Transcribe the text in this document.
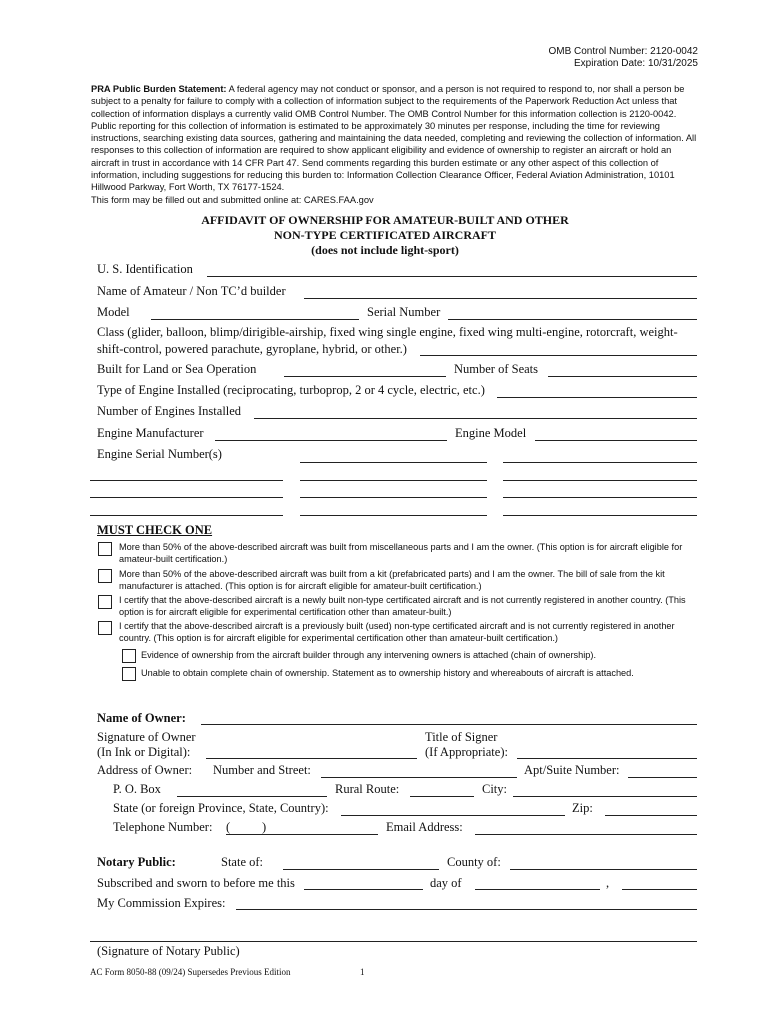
OMB Control Number: 2120-0042
Expiration Date: 10/31/2025
PRA Public Burden Statement: A federal agency may not conduct or sponsor, and a person is not required to respond to, nor shall a person be subject to a penalty for failure to comply with a collection of information subject to the requirements of the Paperwork Reduction Act unless that collection of information displays a currently valid OMB Control Number. The OMB Control Number for this information collection is 2120-0042. Public reporting for this collection of information is estimated to be approximately 30 minutes per response, including the time for reviewing instructions, searching existing data sources, gathering and maintaining the data needed, completing and reviewing the collection of information. All responses to this collection of information are required to show applicant eligibility and evidence of ownership to register an aircraft or hold an aircraft in trust in accordance with 14 CFR Part 47. Send comments regarding this burden estimate or any other aspect of this collection of information, including suggestions for reducing this burden to: Information Collection Clearance Officer, Federal Aviation Administration, 10101 Hillwood Parkway, Fort Worth, TX 76177-1524.
This form may be filled out and submitted online at: CARES.FAA.gov
AFFIDAVIT OF OWNERSHIP FOR AMATEUR-BUILT AND OTHER
NON-TYPE CERTIFICATED AIRCRAFT
(does not include light-sport)
U. S. Identification
Name of Amateur / Non TC’d builder
Model	Serial Number
Class (glider, balloon, blimp/dirigible-airship, fixed wing single engine, fixed wing multi-engine, rotorcraft, weight-
shift-control, powered parachute, gyroplane, hybrid, or other.)
Built for Land or Sea Operation	Number of Seats
Type of Engine Installed (reciprocating, turboprop, 2 or 4 cycle, electric, etc.)
Number of Engines Installed
Engine Manufacturer	Engine Model
Engine Serial Number(s)
MUST CHECK ONE
More than 50% of the above-described aircraft was built from miscellaneous parts and I am the owner. (This option is for aircraft eligible for amateur-built certification.)
More than 50% of the above-described aircraft was built from a kit (prefabricated parts) and I am the owner. The bill of sale from the kit manufacturer is attached. (This option is for aircraft eligible for amateur-built certification.)
I certify that the above-described aircraft is a newly built non-type certificated aircraft and is not currently registered in another country. (This option is for aircraft eligible for experimental certification other than amateur-built.)
I certify that the above-described aircraft is a previously built (used) non-type certificated aircraft and is not currently registered in another country. (This option is for aircraft eligible for experimental certification other than amateur-built certification.)
Evidence of ownership from the aircraft builder through any intervening owners is attached (chain of ownership).
Unable to obtain complete chain of ownership. Statement as to ownership history and whereabouts of aircraft is attached.
Name of Owner:
Signature of Owner
(In Ink or Digital):
Title of Signer
(If Appropriate):
Address of Owner: Number and Street:	Apt/Suite Number:
P. O. Box	Rural Route:	City:
State (or foreign Province, State, Country):	Zip:
Telephone Number: (	)	Email Address:
Notary Public:	State of:	County of:
Subscribed and sworn to before me this	day of	,
My Commission Expires:
(Signature of Notary Public)
AC Form 8050-88 (09/24) Supersedes Previous Edition	1
